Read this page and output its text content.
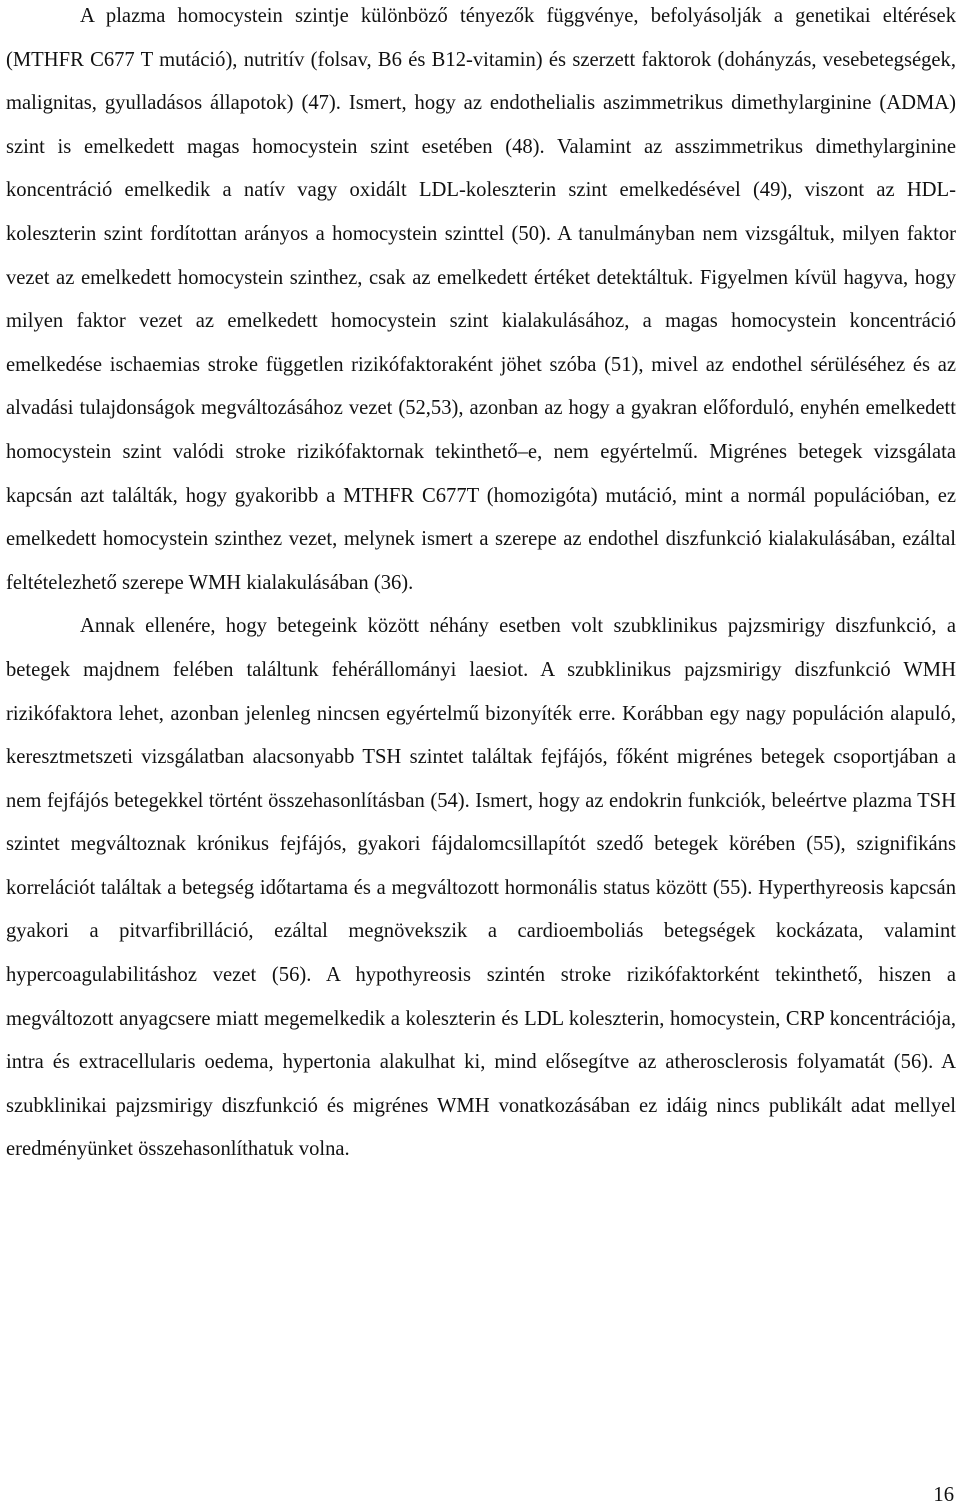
A plazma homocystein szintje különböző tényezők függvénye, befolyásolják a genetikai eltérések (MTHFR C677 T mutáció), nutritív (folsav, B6 és B12-vitamin) és szerzett faktorok (dohányzás, vesebetegségek, malignitas, gyulladásos állapotok) (47). Ismert, hogy az endothelialis aszimmetrikus dimethylarginine (ADMA) szint is emelkedett magas homocystein szint esetében (48). Valamint az asszimmetrikus dimethylarginine koncentráció emelkedik a natív vagy oxidált LDL-koleszterin szint emelkedésével (49), viszont az HDL-koleszterin szint fordítottan arányos a homocystein szinttel (50). A tanulmányban nem vizsgáltuk, milyen faktor vezet az emelkedett homocystein szinthez, csak az emelkedett értéket detektáltuk. Figyelmen kívül hagyva, hogy milyen faktor vezet az emelkedett homocystein szint kialakulásához, a magas homocystein koncentráció emelkedése ischaemias stroke független rizikófaktoraként jöhet szóba (51), mivel az endothel sérüléséhez és az alvadási tulajdonságok megváltozásához vezet (52,53), azonban az hogy a gyakran előforduló, enyhén emelkedett homocystein szint valódi stroke rizikófaktornak tekinthető–e, nem egyértelmű. Migrénes betegek vizsgálata kapcsán azt találták, hogy gyakoribb a MTHFR C677T (homozigóta) mutáció, mint a normál populációban, ez emelkedett homocystein szinthez vezet, melynek ismert a szerepe az endothel diszfunkció kialakulásában, ezáltal feltételezhető szerepe WMH kialakulásában (36).

Annak ellenére, hogy betegeink között néhány esetben volt szubklinikus pajzsmirigy diszfunkció, a betegek majdnem felében találtunk fehérállományi laesiot. A szubklinikus pajzsmirigy diszfunkció WMH rizikófaktora lehet, azonban jelenleg nincsen egyértelmű bizonyíték erre. Korábban egy nagy populáción alapuló, keresztmetszeti vizsgálatban alacsonyabb TSH szintet találtak fejfájós, főként migrénes betegek csoportjában a nem fejfájós betegekkel történt összehasonlításban (54). Ismert, hogy az endokrin funkciók, beleértve plazma TSH szintet megváltoznak krónikus fejfájós, gyakori fájdalomcsillapítót szedő betegek körében (55), szignifikáns korrelációt találtak a betegség időtartama és a megváltozott hormonális status között (55). Hyperthyreosis kapcsán gyakori a pitvarfibrilláció, ezáltal megnövekszik a cardioemboliás betegségek kockázata, valamint hypercoagulabilitáshoz vezet (56). A hypothyreosis szintén stroke rizikófaktorként tekinthető, hiszen a megváltozott anyagcsere miatt megemelkedik a koleszterin és LDL koleszterin, homocystein, CRP koncentrációja, intra és extracellularis oedema, hypertonia alakulhat ki, mind elősegítve az atherosclerosis folyamatát (56). A szubklinikai pajzsmirigy diszfunkció és migrénes WMH vonatkozásában ez idáig nincs publikált adat mellyel eredményünket összehasonlíthatuk volna.

16
